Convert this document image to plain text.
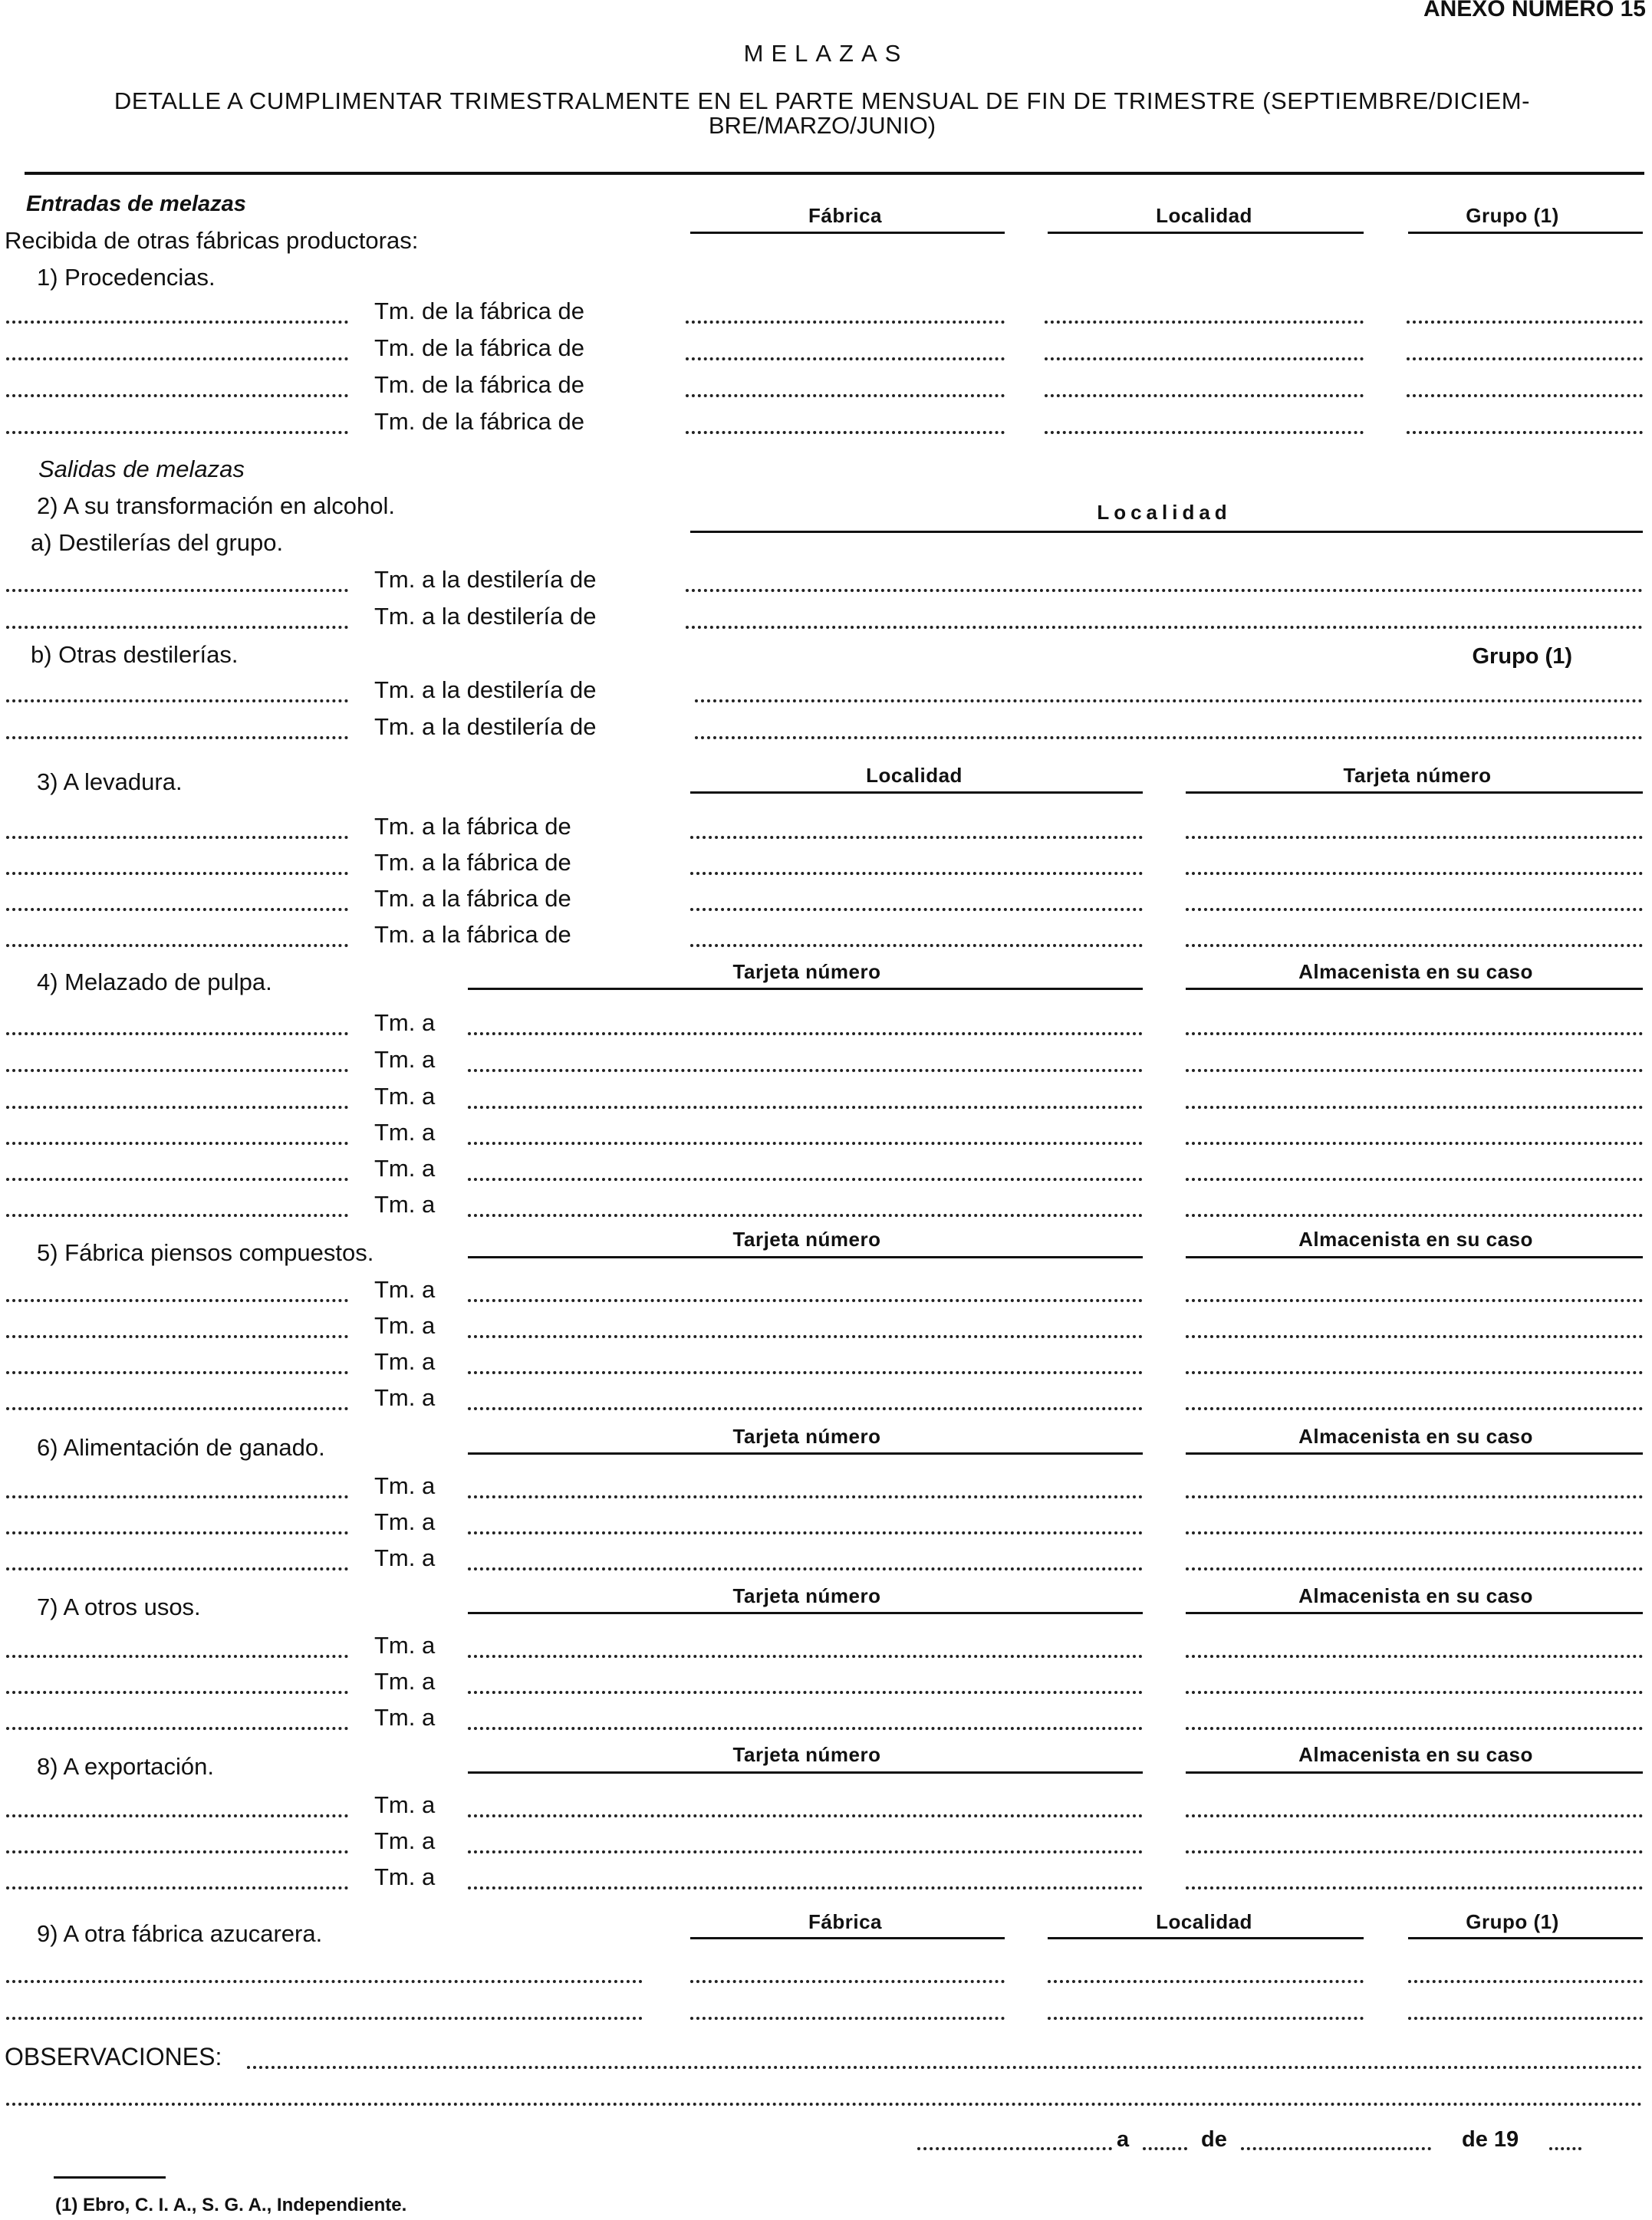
ANEXO NUMERO 15
MELAZAS
DETALLE A CUMPLIMENTAR TRIMESTRALMENTE EN EL PARTE MENSUAL DE FIN DE TRIMESTRE (SEPTIEMBRE/DICIEM-
BRE/MARZO/JUNIO)
Entradas de melazas
Recibida de otras fábricas productoras:
1) Procedencias.
Fábrica	Localidad	Grupo (1)
Tm. de la fábrica de
Tm. de la fábrica de
Tm. de la fábrica de
Tm. de la fábrica de
Salidas de melazas
2) A su transformación en alcohol.	Localidad
a) Destilerías del grupo.
Tm. a la destilería de
Tm. a la destilería de
b) Otras destilerías.	Grupo (1)
Tm. a la destilería de
Tm. a la destilería de
3) A levadura.	Localidad	Tarjeta número
Tm. a la fábrica de
Tm. a la fábrica de
Tm. a la fábrica de
Tm. a la fábrica de
4) Melazado de pulpa.	Tarjeta número	Almacenista en su caso
Tm. a
Tm. a
Tm. a
Tm. a
Tm. a
Tm. a
5) Fábrica piensos compuestos.	Tarjeta número	Almacenista en su caso
Tm. a
Tm. a
Tm. a
Tm. a
6) Alimentación de ganado.	Tarjeta número	Almacenista en su caso
Tm. a
Tm. a
Tm. a
7) A otros usos.	Tarjeta número	Almacenista en su caso
Tm. a
Tm. a
Tm. a
8) A exportación.	Tarjeta número	Almacenista en su caso
Tm. a
Tm. a
Tm. a
9) A otra fábrica azucarera.	Fábrica	Localidad	Grupo (1)
OBSERVACIONES:
a	de	de 19
(1) Ebro, C. I. A., S. G. A., Independiente.
